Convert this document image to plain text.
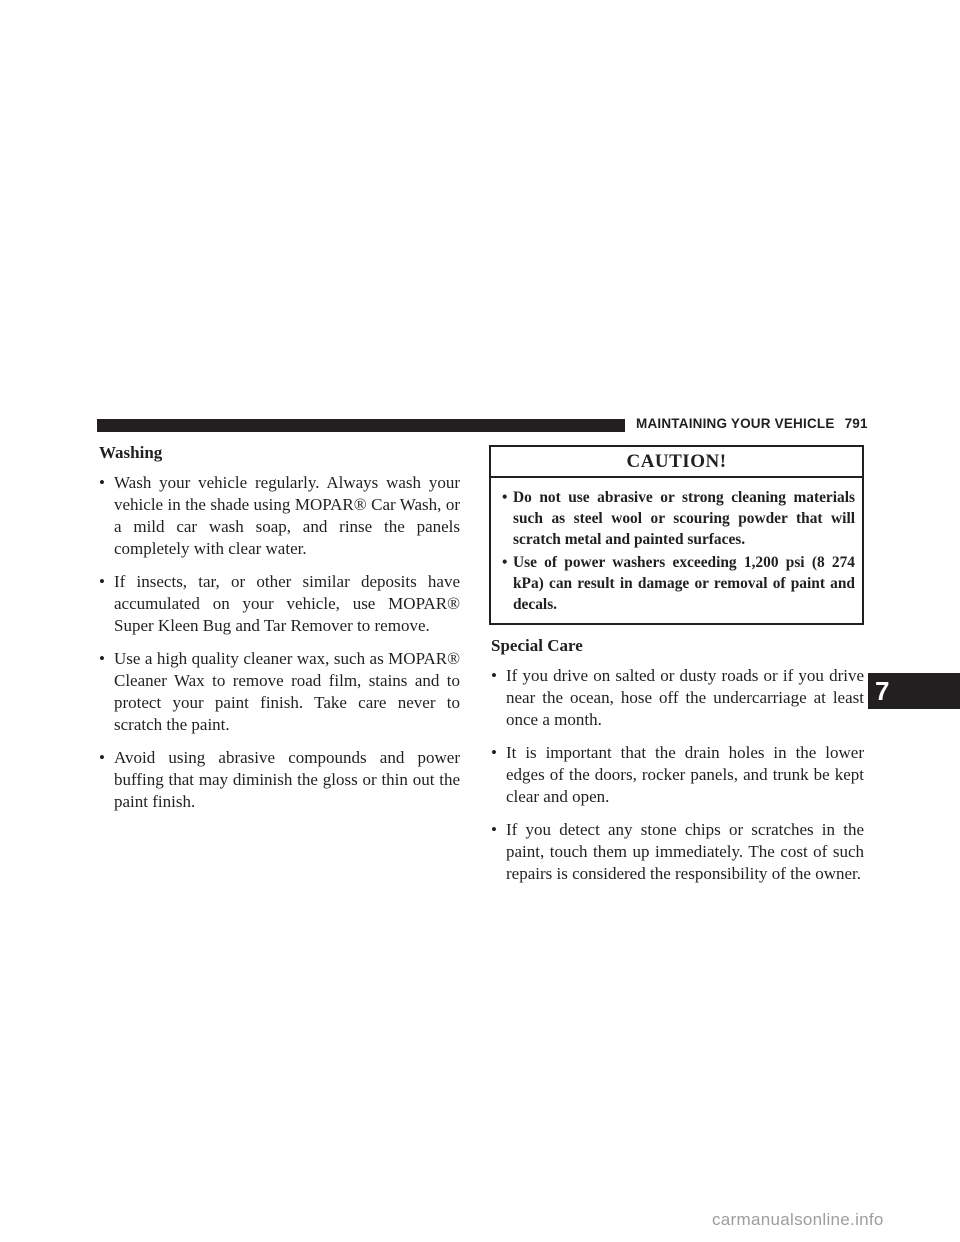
MAINTAINING YOUR VEHICLE 791
Washing
• Wash your vehicle regularly. Always wash your vehicle in the shade using MOPAR® Car Wash, or a mild car wash soap, and rinse the panels completely with clear water.
• If insects, tar, or other similar deposits have accumulated on your vehicle, use MOPAR® Super Kleen Bug and Tar Remover to remove.
• Use a high quality cleaner wax, such as MOPAR® Cleaner Wax to remove road film, stains and to protect your paint finish. Take care never to scratch the paint.
• Avoid using abrasive compounds and power buffing that may diminish the gloss or thin out the paint finish.
CAUTION!
• Do not use abrasive or strong cleaning materials such as steel wool or scouring powder that will scratch metal and painted surfaces.
• Use of power washers exceeding 1,200 psi (8 274 kPa) can result in damage or removal of paint and decals.
Special Care
• If you drive on salted or dusty roads or if you drive near the ocean, hose off the undercarriage at least once a month.
• It is important that the drain holes in the lower edges of the doors, rocker panels, and trunk be kept clear and open.
• If you detect any stone chips or scratches in the paint, touch them up immediately. The cost of such repairs is considered the responsibility of the owner.
7
carmanualsonline.info
